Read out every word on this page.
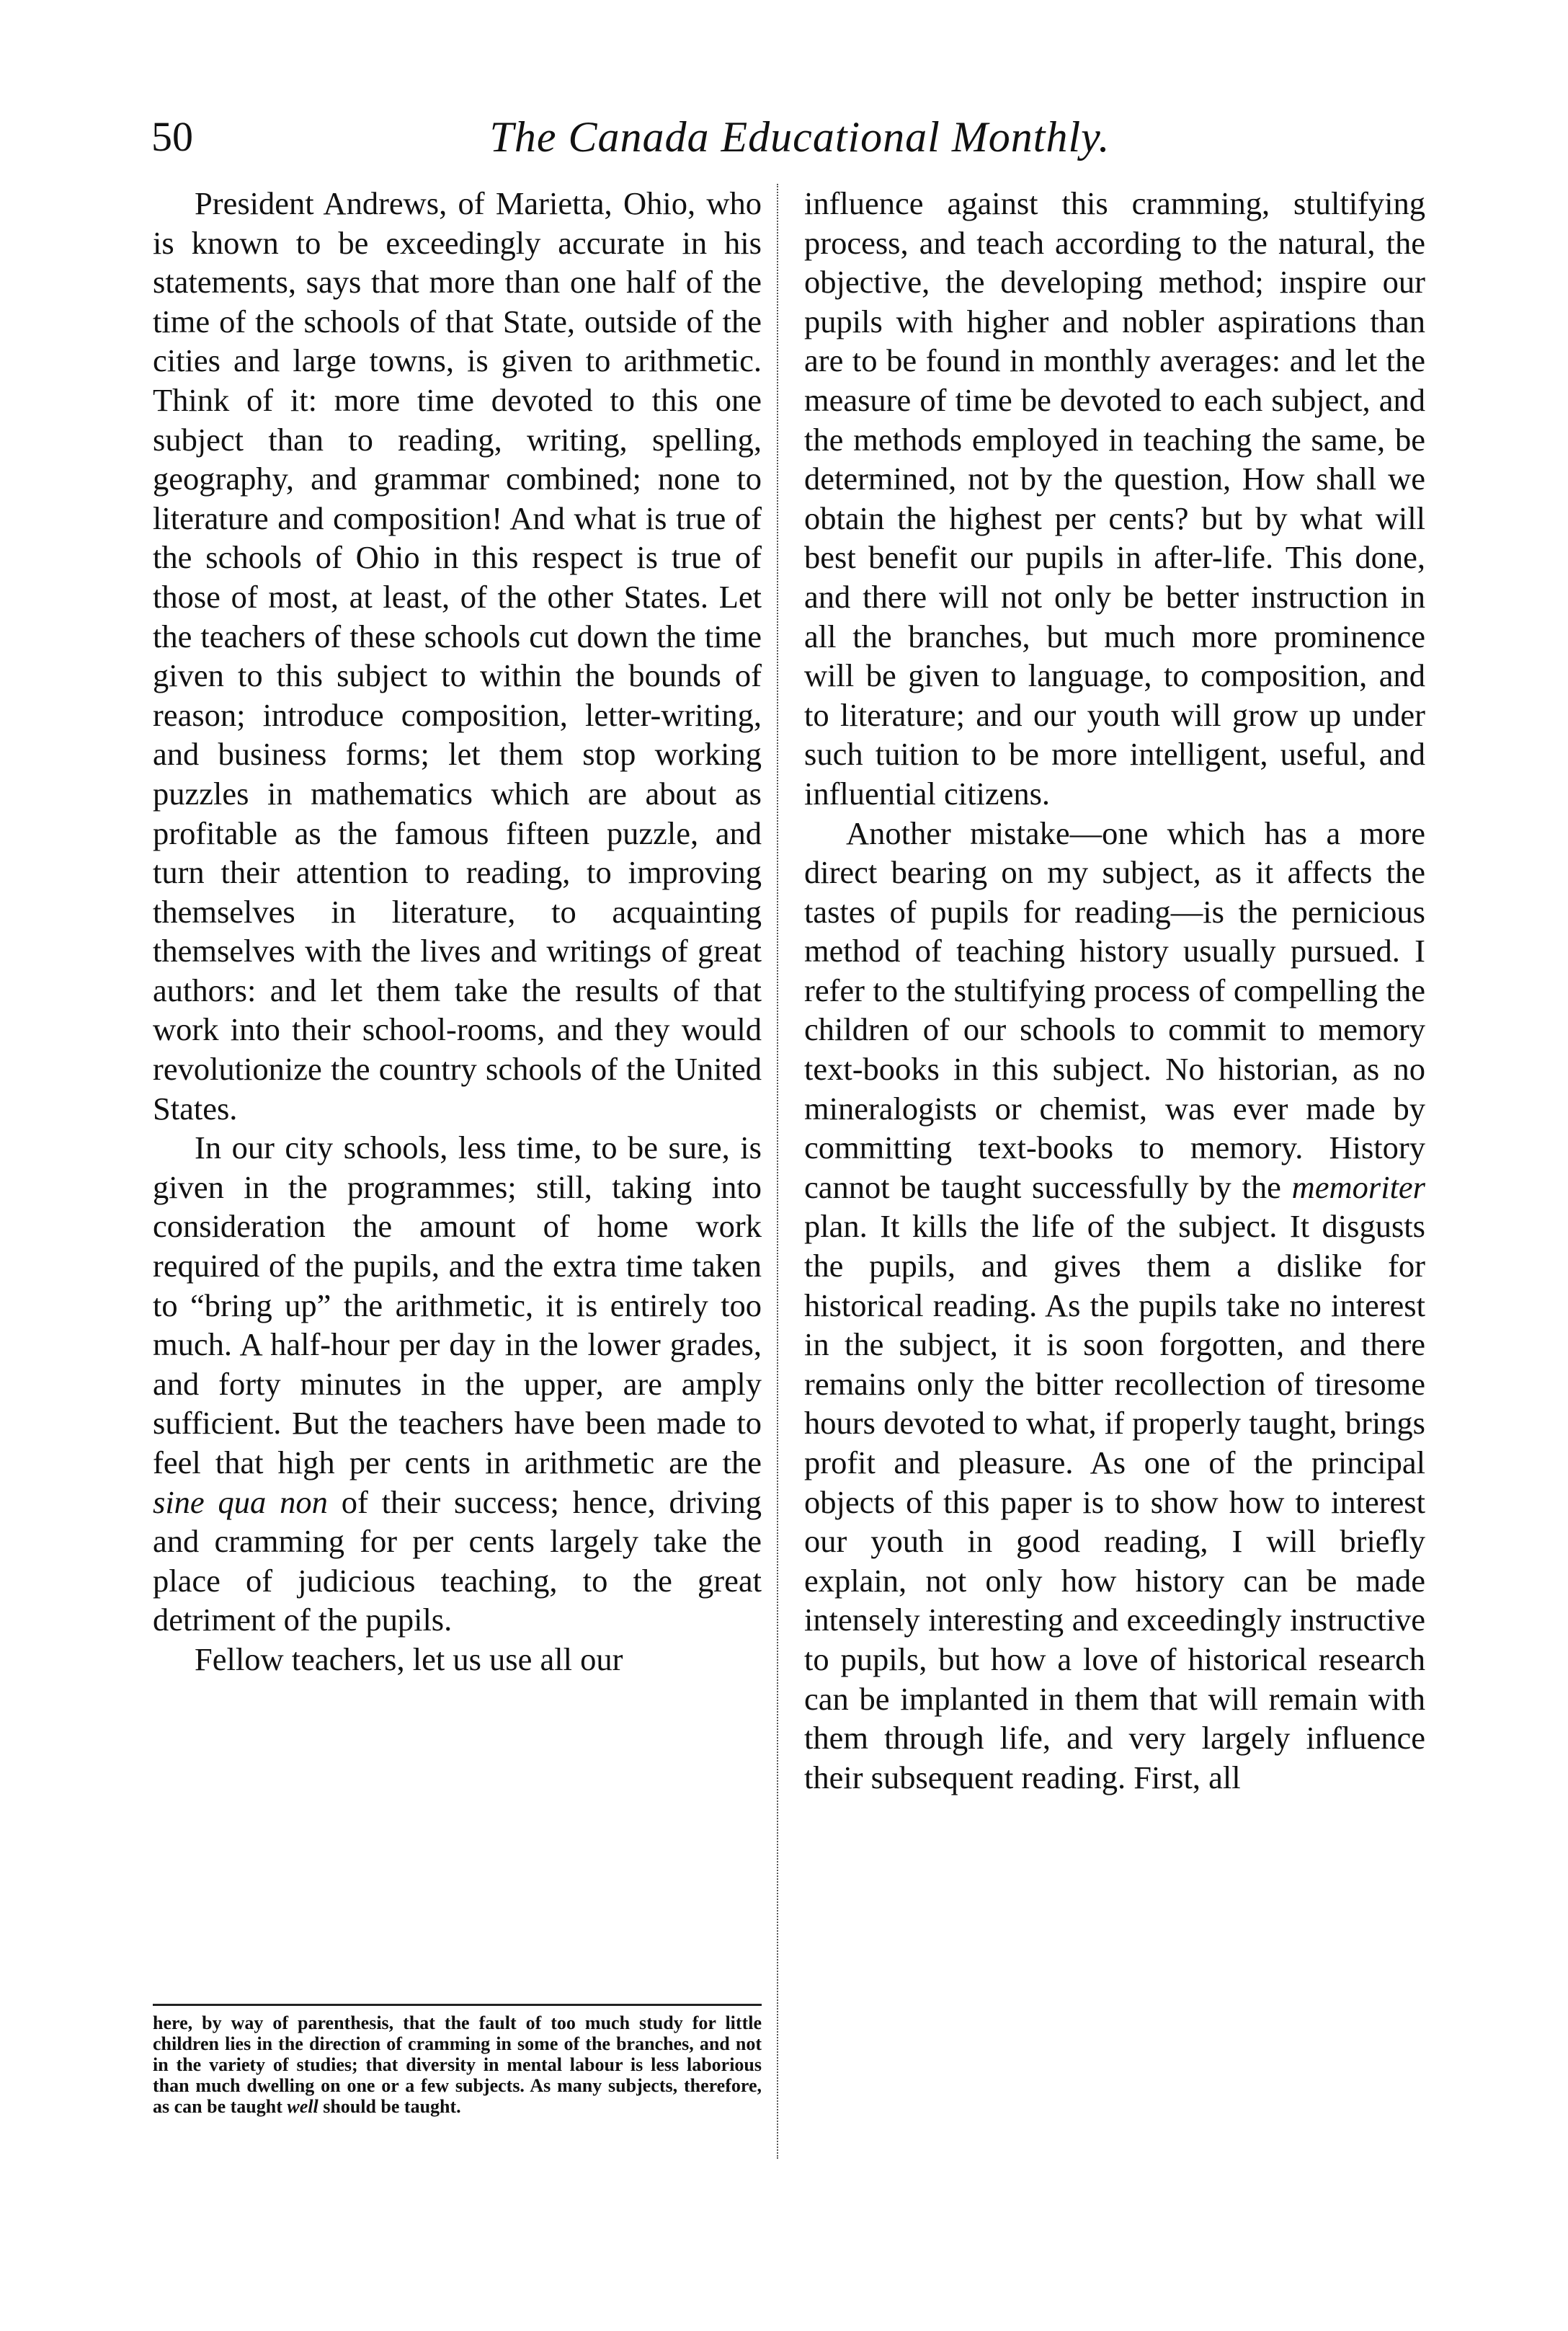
50	The Canada Educational Monthly.

President Andrews, of Marietta, Ohio, who is known to be exceedingly accurate in his statements, says that more than one half of the time of the schools of that State, outside of the cities and large towns, is given to arithmetic. Think of it: more time devoted to this one subject than to reading, writing, spelling, geography, and grammar combined; none to literature and composition! And what is true of the schools of Ohio in this respect is true of those of most, at least, of the other States. Let the teachers of these schools cut down the time given to this subject to within the bounds of reason; introduce composition, letter-writing, and business forms; let them stop working puzzles in mathematics which are about as profitable as the famous fifteen puzzle, and turn their attention to reading, to improving themselves in literature, to acquainting themselves with the lives and writings of great authors: and let them take the results of that work into their school-rooms, and they would revolutionize the country schools of the United States.

In our city schools, less time, to be sure, is given in the programmes; still, taking into consideration the amount of home work required of the pupils, and the extra time taken to “bring up” the arithmetic, it is entirely too much. A half-hour per day in the lower grades, and forty minutes in the upper, are amply sufficient. But the teachers have been made to feel that high per cents in arithmetic are the sine qua non of their success; hence, driving and cramming for per cents largely take the place of judicious teaching, to the great detriment of the pupils.

Fellow teachers, let us use all our

here, by way of parenthesis, that the fault of too much study for little children lies in the direction of cramming in some of the branches, and not in the variety of studies; that diversity in mental labour is less laborious than much dwelling on one or a few subjects. As many subjects, therefore, as can be taught well should be taught.

influence against this cramming, stultifying process, and teach according to the natural, the objective, the developing method; inspire our pupils with higher and nobler aspirations than are to be found in monthly averages: and let the measure of time be devoted to each subject, and the methods employed in teaching the same, be determined, not by the question, How shall we obtain the highest per cents? but by what will best benefit our pupils in after-life. This done, and there will not only be better instruction in all the branches, but much more prominence will be given to language, to composition, and to literature; and our youth will grow up under such tuition to be more intelligent, useful, and influential citizens.

Another mistake—one which has a more direct bearing on my subject, as it affects the tastes of pupils for reading—is the pernicious method of teaching history usually pursued. I refer to the stultifying process of compelling the children of our schools to commit to memory text-books in this subject. No historian, as no mineralogists or chemist, was ever made by committing text-books to memory. History cannot be taught successfully by the memoriter plan. It kills the life of the subject. It disgusts the pupils, and gives them a dislike for historical reading. As the pupils take no interest in the subject, it is soon forgotten, and there remains only the bitter recollection of tiresome hours devoted to what, if properly taught, brings profit and pleasure. As one of the principal objects of this paper is to show how to interest our youth in good reading, I will briefly explain, not only how history can be made intensely interesting and exceedingly instructive to pupils, but how a love of historical research can be implanted in them that will remain with them through life, and very largely influence their subsequent reading. First, all
